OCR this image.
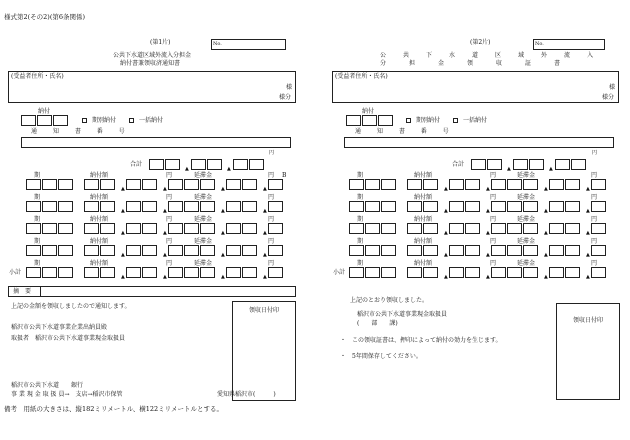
様式第2(その2)(第6条関係)
(第1片)	No.
公共下水道区域外流入分担金
納付書兼領収済通知書
(受益者住所・氏名)
様
様分
納付
期別納付	一括納付
通 知 書 番 号
円
合計
▲	▲
期	納付額	円	延滞金	円 B
▲	▲	▲	▲
期	納付額	円	延滞金	円
▲	▲	▲	▲
期	納付額	円	延滞金	円
▲	▲	▲	▲
期	納付額	円	延滞金	円
▲	▲	▲	▲
期	納付額	円	延滞金	円
小計
▲	▲	▲	▲
摘　要
上記の金額を領収しましたので通知します。
領収日付印
稲沢市公共下水道事業企業出納員殿
取扱者　稲沢市公共下水道事業現金取扱員
稲沢市公共下水道　　銀行
事 業 現 金 取 扱 員→　支店→稲沢市保管	愛知県稲沢市(　　　)
備考　用紙の大きさは、縦182ミリメートル、横122ミリメートルとする。
(第2片)	No.
公共下水道区域外流入
分担金領収証書
(受益者住所・氏名)
様
様分
納付
期別納付	一括納付
通 知 書 番 号
円
合計
▲	▲
期	納付額	円	延滞金	円
▲	▲	▲	▲
期	納付額	円	延滞金	円
▲	▲	▲	▲
期	納付額	円	延滞金	円
▲	▲	▲	▲
期	納付額	円	延滞金	円
▲	▲	▲	▲
期	納付額	円	延滞金	円
小計
▲	▲	▲	▲
上記のとおり領収しました。
稲沢市公共下水道事業現金取扱員
(　　部　　課)	領収日付印
・　この領収証書は、押印によって納付の効力を生じます。
・　5年間保存してください。
